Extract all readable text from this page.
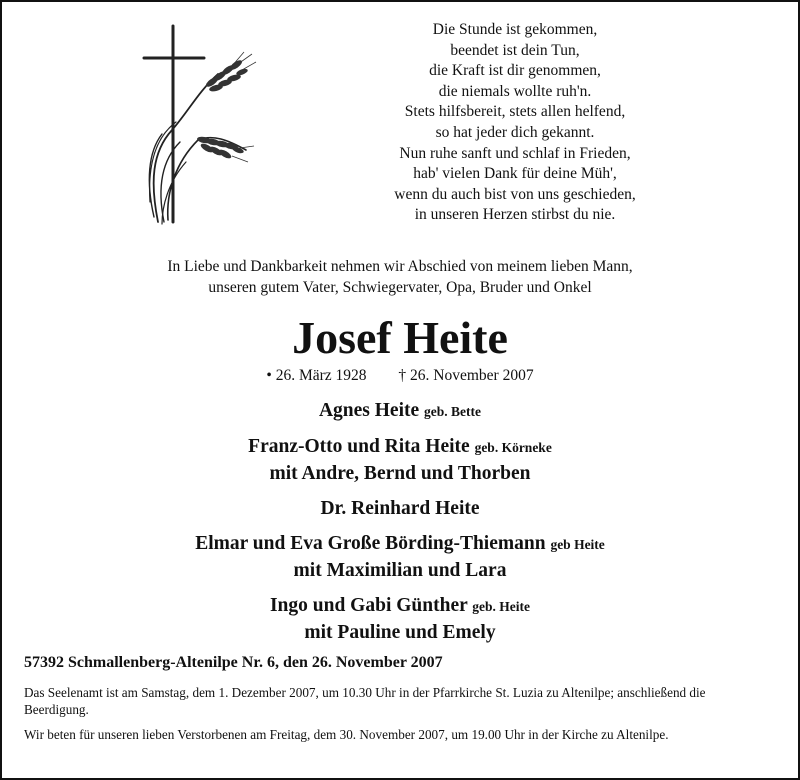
Die Stunde ist gekommen,
beendet ist dein Tun,
die Kraft ist dir genommen,
die niemals wollte ruh'n.
Stets hilfsbereit, stets allen helfend,
so hat jeder dich gekannt.
Nun ruhe sanft und schlaf in Frieden,
hab' vielen Dank für deine Müh',
wenn du auch bist von uns geschieden,
in unseren Herzen stirbst du nie.
In Liebe und Dankbarkeit nehmen wir Abschied von meinem lieben Mann,
unseren gutem Vater, Schwiegervater, Opa, Bruder und Onkel
Josef Heite
• 26. März 1928 † 26. November 2007
Agnes Heite geb. Bette
Franz-Otto und Rita Heite geb. Körneke
mit Andre, Bernd und Thorben
Dr. Reinhard Heite
Elmar und Eva Große Börding-Thiemann geb Heite
mit Maximilian und Lara
Ingo und Gabi Günther geb. Heite
mit Pauline und Emely
57392 Schmallenberg-Altenilpe Nr. 6, den 26. November 2007
Das Seelenamt ist am Samstag, dem 1. Dezember 2007, um 10.30 Uhr in der Pfarrkirche St. Luzia zu Altenilpe; anschließend die Beerdigung.
Wir beten für unseren lieben Verstorbenen am Freitag, dem 30. November 2007, um 19.00 Uhr in der Kirche zu Altenilpe.
